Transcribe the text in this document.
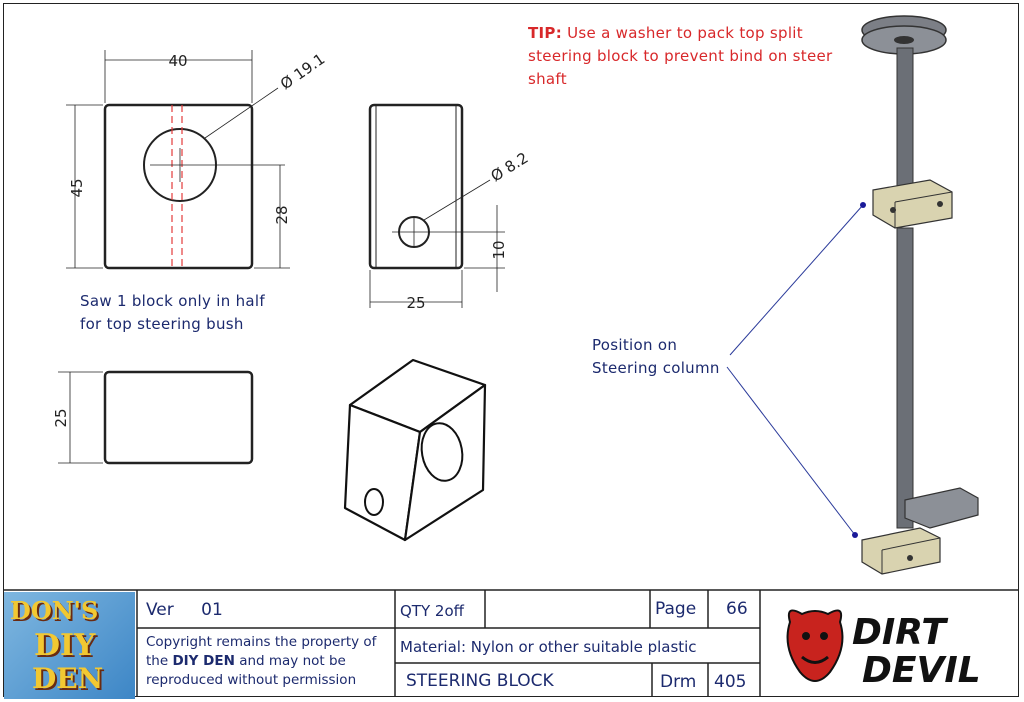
40
45
28
Ø 19.1
25
10
Ø 8.2
25
TIP: Use a washer to pack top split steering block to prevent bind on steer shaft
Saw 1 block only in half
for top steering bush
Position on
Steering column
Ver 01	QTY 2off	Page 66
Copyright remains the property of the DIY DEN and may not be reproduced without permission
Material: Nylon or other suitable plastic
STEERING BLOCK	Drm 405
DON'S
DIY
DEN
DIRT
DEVIL
